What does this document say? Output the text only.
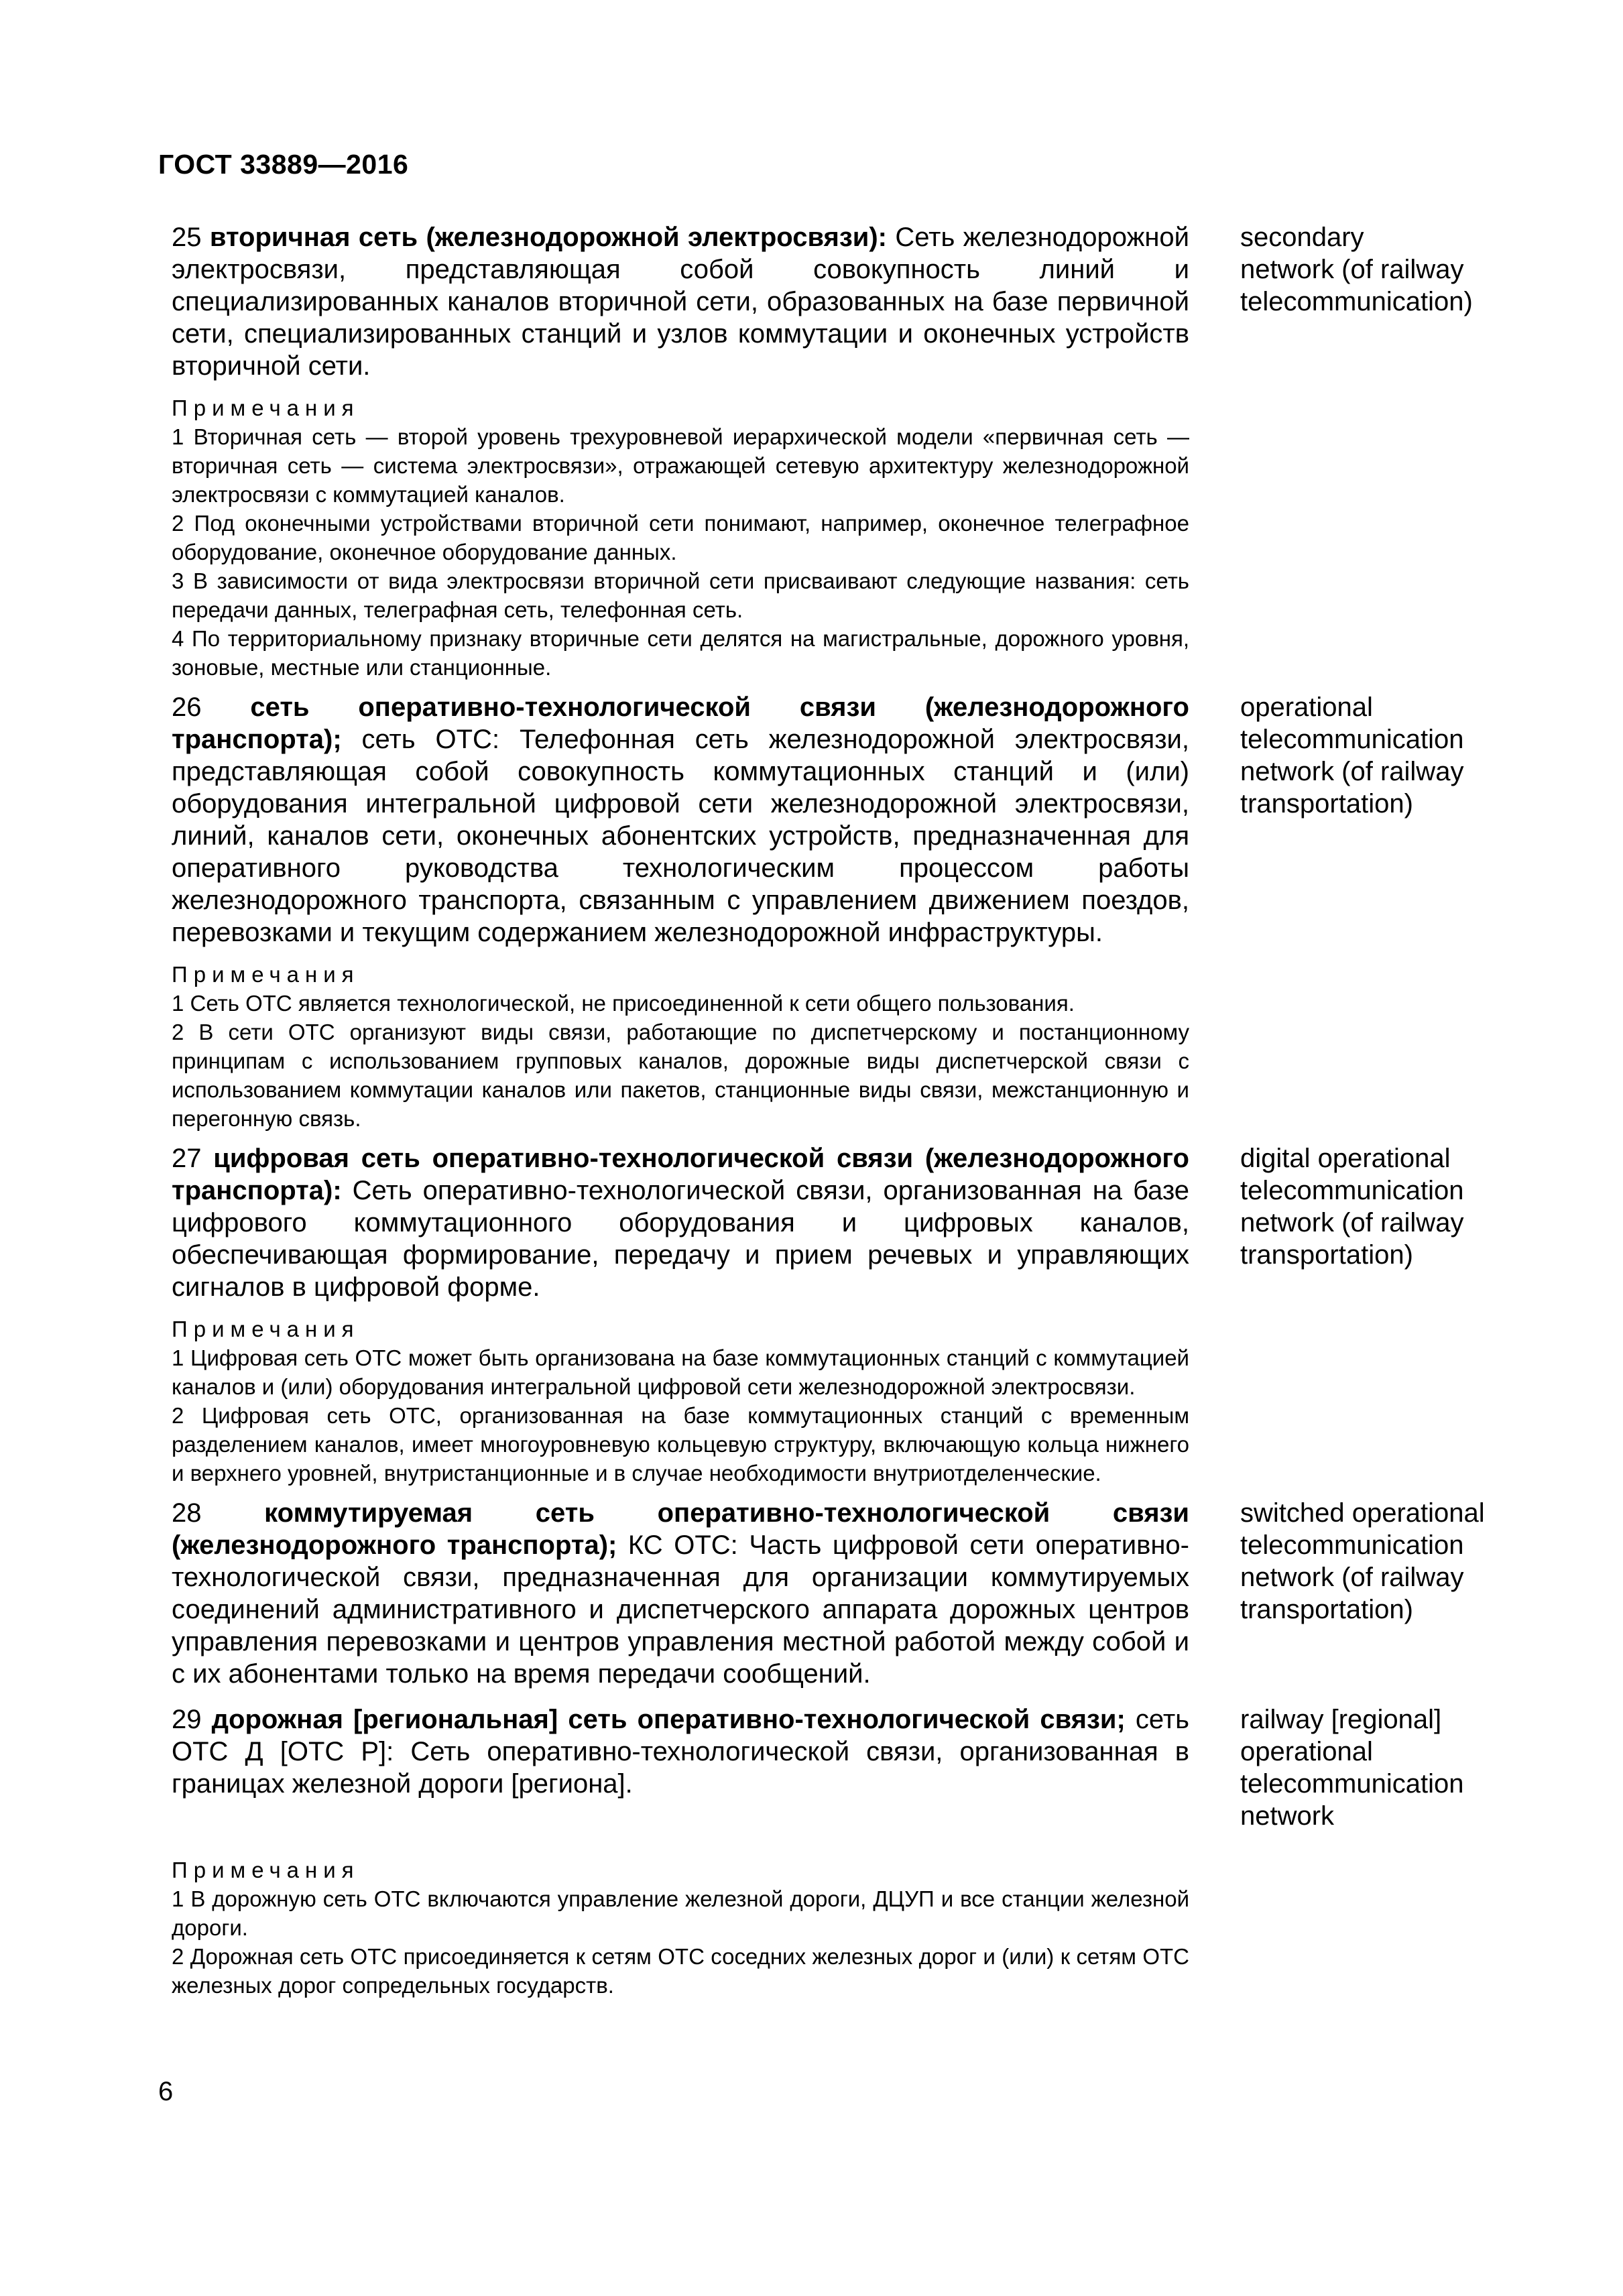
ГОСТ 33889—2016

25 вторичная сеть (железнодорожной электросвязи): Сеть железнодорожной электросвязи, представляющая собой совокупность линий и специализированных каналов вторичной сети, образованных на базе первичной сети, специализированных станций и узлов коммутации и оконечных устройств вторичной сети.

Примечания

1 Вторичная сеть — второй уровень трехуровневой иерархической модели «первичная сеть — вторичная сеть — система электросвязи», отражающей сетевую архитектуру железнодорожной электросвязи с коммутацией каналов.

2 Под оконечными устройствами вторичной сети понимают, например, оконечное телеграфное оборудование, оконечное оборудование данных.

3 В зависимости от вида электросвязи вторичной сети присваивают следующие названия: сеть передачи данных, телеграфная сеть, телефонная сеть.

4 По территориальному признаку вторичные сети делятся на магистральные, дорожного уровня, зоновые, местные или станционные.

secondary
network (of railway
telecommunication)

26 сеть оперативно-технологической связи (железнодорожного транспорта); сеть ОТС: Телефонная сеть железнодорожной электросвязи, представляющая собой совокупность коммутационных станций и (или) оборудования интегральной цифровой сети железнодорожной электросвязи, линий, каналов сети, оконечных абонентских устройств, предназначенная для оперативного руководства технологическим процессом работы железнодорожного транспорта, связанным с управлением движением поездов, перевозками и текущим содержанием железнодорожной инфраструктуры.

Примечания

1 Сеть ОТС является технологической, не присоединенной к сети общего пользования.

2 В сети ОТС организуют виды связи, работающие по диспетчерскому и постанционному принципам с использованием групповых каналов, дорожные виды диспетчерской связи с использованием коммутации каналов или пакетов, станционные виды связи, межстанционную и перегонную связь.

operational
telecommunication
network (of railway
transportation)

27 цифровая сеть оперативно-технологической связи (железнодорожного транспорта): Сеть оперативно-технологической связи, организованная на базе цифрового коммутационного оборудования и цифровых каналов, обеспечивающая формирование, передачу и прием речевых и управляющих сигналов в цифровой форме.

Примечания

1 Цифровая сеть ОТС может быть организована на базе коммутационных станций с коммутацией каналов и (или) оборудования интегральной цифровой сети железнодорожной электросвязи.

2 Цифровая сеть ОТС, организованная на базе коммутационных станций с временным разделением каналов, имеет многоуровневую кольцевую структуру, включающую кольца нижнего и верхнего уровней, внутристанционные и в случае необходимости внутриотделенческие.

digital operational
telecommunication
network (of railway
transportation)

28 коммутируемая сеть оперативно-технологической связи (железнодорожного транспорта); КС ОТС: Часть цифровой сети оперативно-технологической связи, предназначенная для организации коммутируемых соединений административного и диспетчерского аппарата дорожных центров управления перевозками и центров управления местной работой между собой и с их абонентами только на время передачи сообщений.

switched operational
telecommunication
network (of railway
transportation)

29 дорожная [региональная] сеть оперативно-технологической связи; сеть ОТС Д [ОТС Р]: Сеть оперативно-технологической связи, организованная в границах железной дороги [региона].

railway [regional]
operational
telecommunication
network

Примечания

1 В дорожную сеть ОТС включаются управление железной дороги, ДЦУП и все станции железной дороги.

2 Дорожная сеть ОТС присоединяется к сетям ОТС соседних железных дорог и (или) к сетям ОТС железных дорог сопредельных государств.

6
